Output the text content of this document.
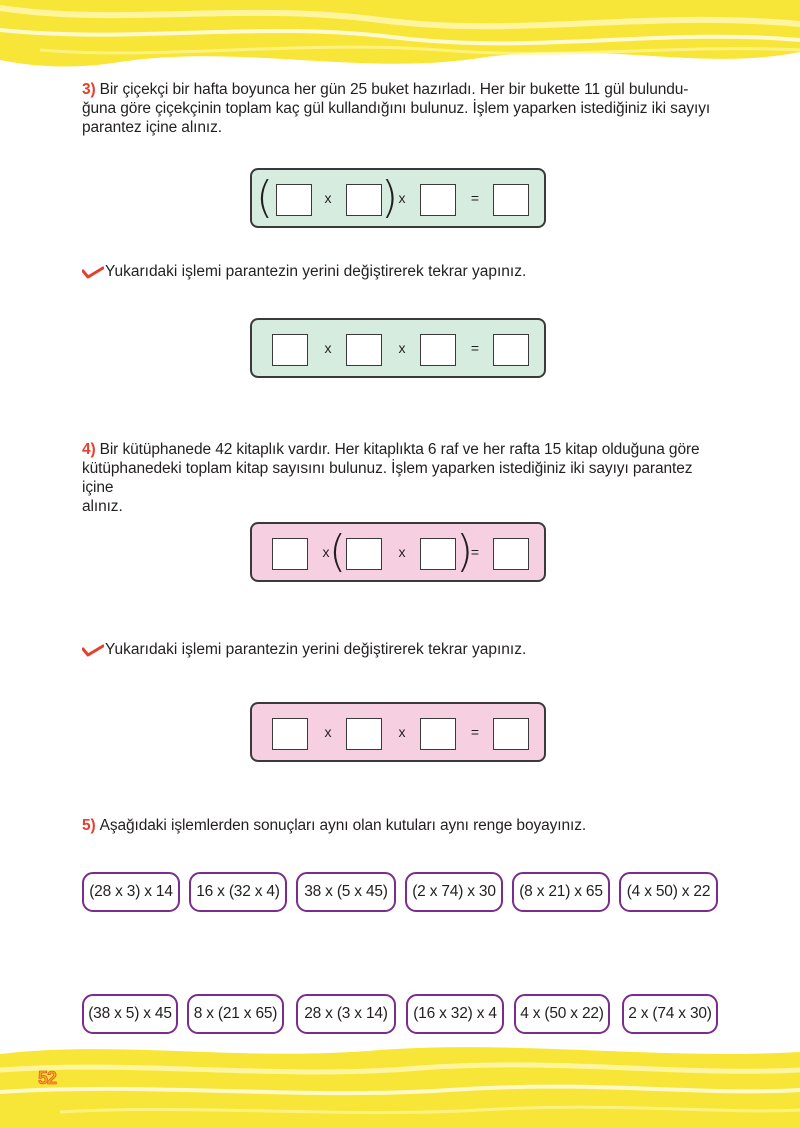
3) Bir çiçekçi bir hafta boyunca her gün 25 buket hazırladı. Her bir bukette 11 gül bulundu-
ğuna göre çiçekçinin toplam kaç gül kullandığını bulunuz. İşlem yaparken istediğiniz iki sayıyı
parantez içine alınız.
(	x ) x	=
Yukarıdaki işlemi parantezin yerini değiştirerek tekrar yapınız.
x	x	=
4) Bir kütüphanede 42 kitaplık vardır. Her kitaplıkta 6 raf ve her rafta 15 kitap olduğuna göre
kütüphanedeki toplam kitap sayısını bulunuz. İşlem yaparken istediğiniz iki sayıyı parantez içine
alınız.
x (	x )
=
Yukarıdaki işlemi parantezin yerini değiştirerek tekrar yapınız.
x	x	=
5) Aşağıdaki işlemlerden sonuçları aynı olan kutuları aynı renge boyayınız.
(28 x 3) x 14	16 x (32 x 4)	38 x (5 x 45)	(2 x 74) x 30	(8 x 21) x 65	(4 x 50) x 22
(38 x 5) x 45	8 x (21 x 65)	28 x (3 x 14)	(16 x 32) x 4	4 x (50 x 22)	2 x (74 x 30)
52
